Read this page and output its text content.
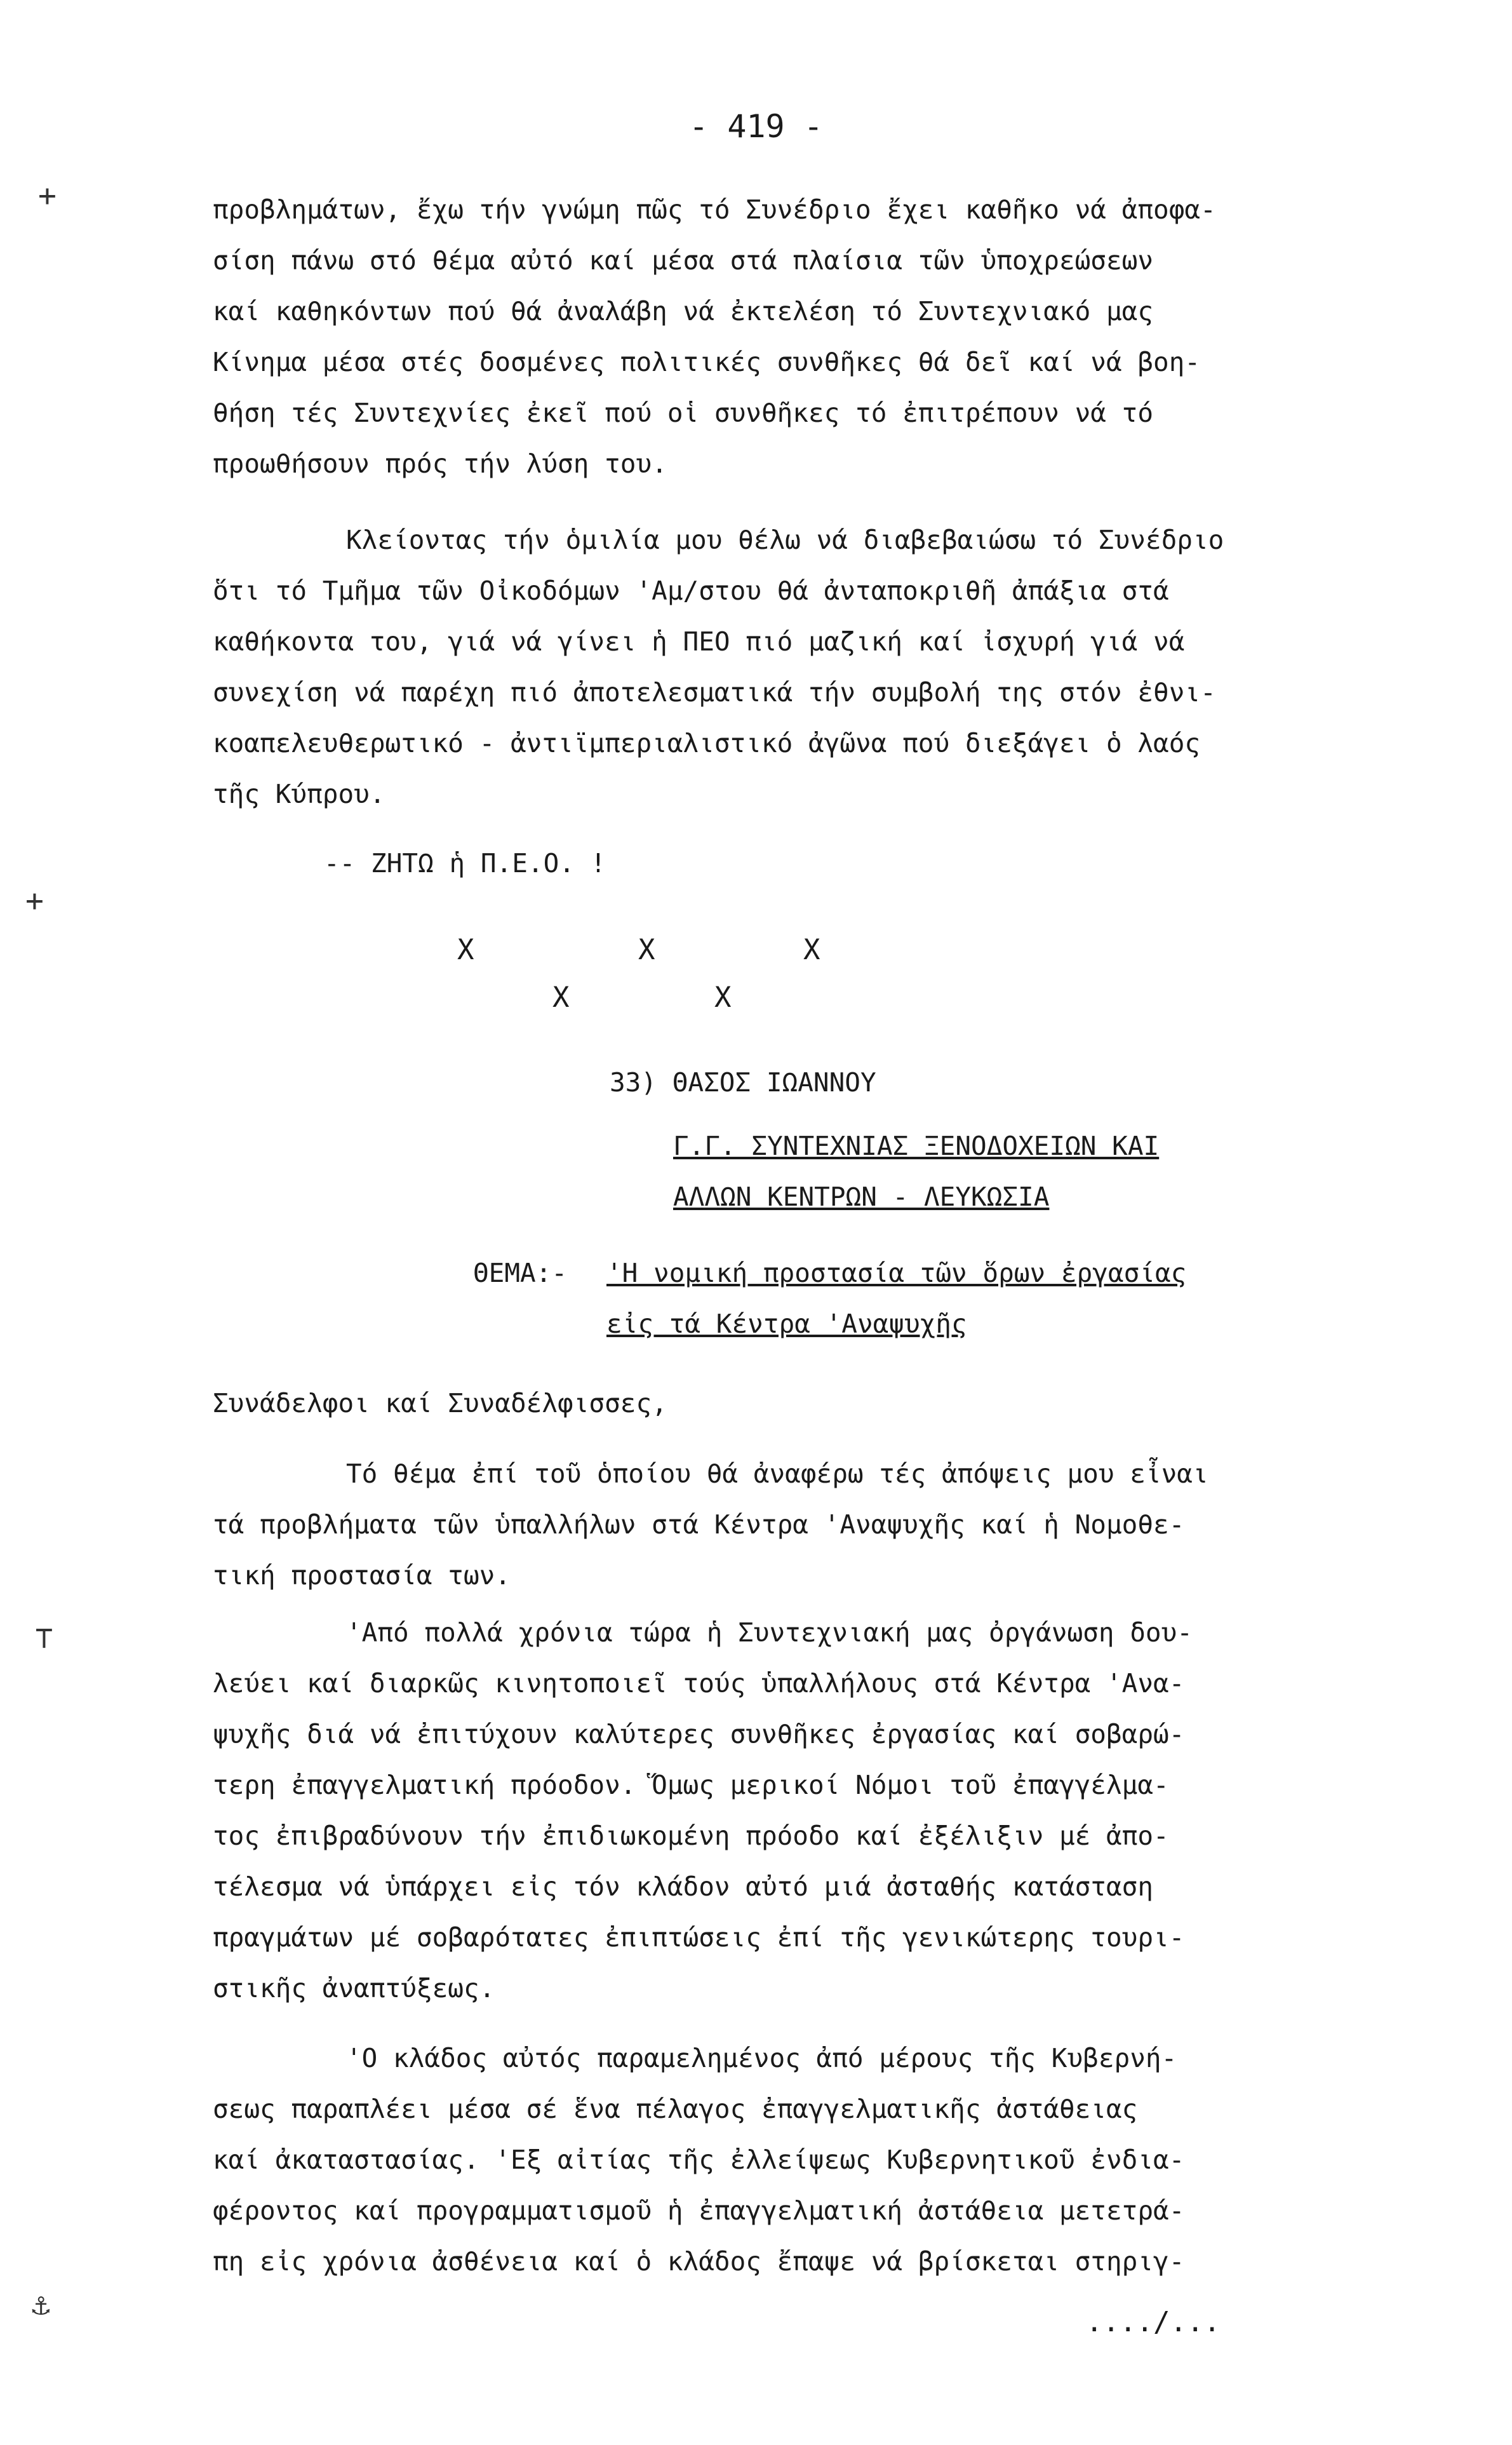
+
+
⊤
⚓︎
- 419 -
προβλημάτων, ἔχω τήν γνώμη πῶς τό Συνέδριο ἔχει καθῆκο νά ἀποφα-
σίση πάνω στό θέμα αὐτό καί μέσα στά πλαίσια τῶν ὑποχρεώσεων
καί καθηκόντων πού θά ἀναλάβη νά ἐκτελέση τό Συντεχνιακό μας
Κίνημα μέσα στές δοσμένες πολιτικές συνθῆκες θά δεῖ καί νά βοη-
θήση τές Συντεχνίες ἐκεῖ πού οἱ συνθῆκες τό ἐπιτρέπουν νά τό
προωθήσουν πρός τήν λύση του.
Κλείοντας τήν ὁμιλία μου θέλω νά διαβεβαιώσω τό Συνέδριο
ὅτι τό Τμῆμα τῶν Οἰκοδόμων 'Αμ/στου θά ἀνταποκριθῆ ἀπάξια στά
καθήκοντα του, γιά νά γίνει ἡ ΠΕΟ πιό μαζική καί ἰσχυρή γιά νά
συνεχίση νά παρέχη πιό ἀποτελεσματικά τήν συμβολή της στόν ἐθνι-
κοαπελευθερωτικό - ἀντιϊμπεριαλιστικό ἀγῶνα πού διεξάγει ὁ λαός
τῆς Κύπρου.
-- ΖΗΤΩ ἡ Π.Ε.Ο. !
Χ	Χ	Χ
Χ	Χ
33) ΘΑΣΟΣ ΙΩΑΝΝΟΥ
Γ.Γ. ΣΥΝΤΕΧΝΙΑΣ ΞΕΝΟΔΟΧΕΙΩΝ ΚΑΙ
ΑΛΛΩΝ ΚΕΝΤΡΩΝ - ΛΕΥΚΩΣΙΑ
ΘΕΜΑ:- 'Η νομική προστασία τῶν ὅρων ἐργασίας
εἰς τά Κέντρα 'Αναψυχῆς
Συνάδελφοι καί Συναδέλφισσες,
Τό θέμα ἐπί τοῦ ὁποίου θά ἀναφέρω τές ἀπόψεις μου εἶναι
τά προβλήματα τῶν ὑπαλλήλων στά Κέντρα 'Αναψυχῆς καί ἡ Νομοθε-
τική προστασία των.
'Από πολλά χρόνια τώρα ἡ Συντεχνιακή μας ὀργάνωση δου-
λεύει καί διαρκῶς κινητοποιεῖ τούς ὑπαλλήλους στά Κέντρα 'Ανα-
ψυχῆς διά νά ἐπιτύχουν καλύτερες συνθῆκες ἐργασίας καί σοβαρώ-
τερη ἐπαγγελματική πρόοδον. Ὅμως μερικοί Νόμοι τοῦ ἐπαγγέλμα-
τος ἐπιβραδύνουν τήν ἐπιδιωκομένη πρόοδο καί ἐξέλιξιν μέ ἀπο-
τέλεσμα νά ὑπάρχει εἰς τόν κλάδον αὐτό μιά ἀσταθής κατάσταση
πραγμάτων μέ σοβαρότατες ἐπιπτώσεις ἐπί τῆς γενικώτερης τουρι-
στικῆς ἀναπτύξεως.
'Ο κλάδος αὐτός παραμελημένος ἀπό μέρους τῆς Κυβερνή-
σεως παραπλέει μέσα σέ ἕνα πέλαγος ἐπαγγελματικῆς ἀστάθειας
καί ἀκαταστασίας. 'Εξ αἰτίας τῆς ἐλλείψεως Κυβερνητικοῦ ἐνδια-
φέροντος καί προγραμματισμοῦ ἡ ἐπαγγελματική ἀστάθεια μετετρά-
πη εἰς χρόνια ἀσθένεια καί ὁ κλάδος ἔπαψε νά βρίσκεται στηριγ-
..../...
